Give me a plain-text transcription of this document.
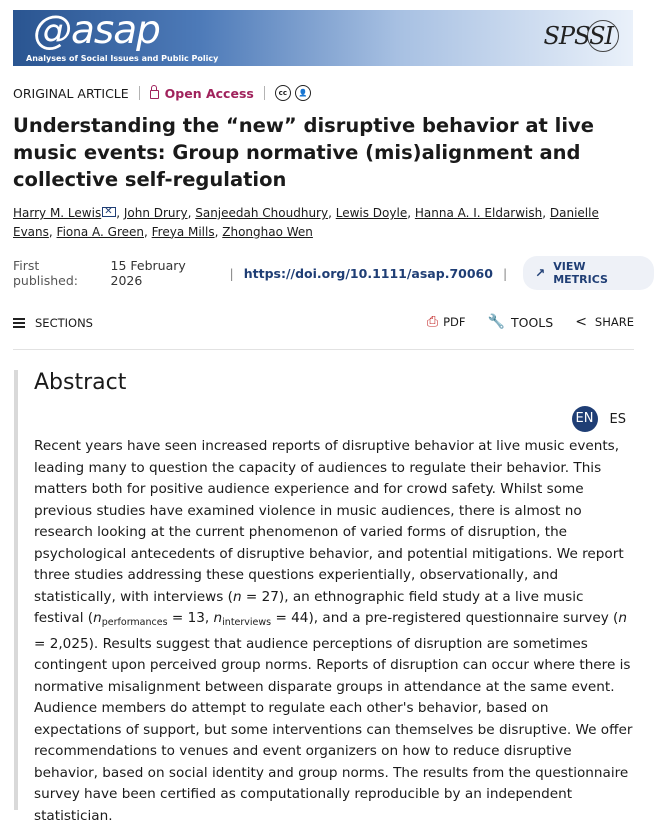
@asap
Analyses of Social Issues and Public Policy
SPSSI
ORIGINAL ARTICLE	Open Access	cc	👤
Understanding the “new” disruptive behavior at live music events: Group normative (mis)alignment and collective self-regulation
Harry M. Lewis ✕ , John Drury, Sanjeedah Choudhury, Lewis Doyle, Hanna A. I. Eldarwish, Danielle Evans, Fiona A. Green, Freya Mills, Zhonghao Wen
First published:

15 February 2026	| https://doi.org/10.1111/asap.70060 | ↗ VIEW METRICS
SECTIONS	⎙ PDF 🔧 TOOLS < SHARE
Abstract
EN	ES

Recent years have seen increased reports of disruptive behavior at live music events, leading many to question the capacity of audiences to regulate their behavior. This matters both for positive audience experience and for crowd safety. Whilst some previous studies have examined violence in music audiences, there is almost no research looking at the current phenomenon of varied forms of disruption, the psychological antecedents of disruptive behavior, and potential mitigations. We report three studies addressing these questions experientially, observationally, and statistically, with interviews (n = 27), an ethnographic field study at a live music festival ($n_{performances} = 13$, $n_{interviews} = 44$), and a pre-registered questionnaire survey (n = 2,025). Results suggest that audience perceptions of disruption are sometimes contingent upon perceived group norms. Reports of disruption can occur where there is normative misalignment between disparate groups in attendance at the same event. Audience members do attempt to regulate each other's behavior, based on expectations of support, but some interventions can themselves be disruptive. We offer recommendations to venues and event organizers on how to reduce disruptive behavior, based on social identity and group norms. The results from the questionnaire survey have been certified as computationally reproducible by an independent statistician.
